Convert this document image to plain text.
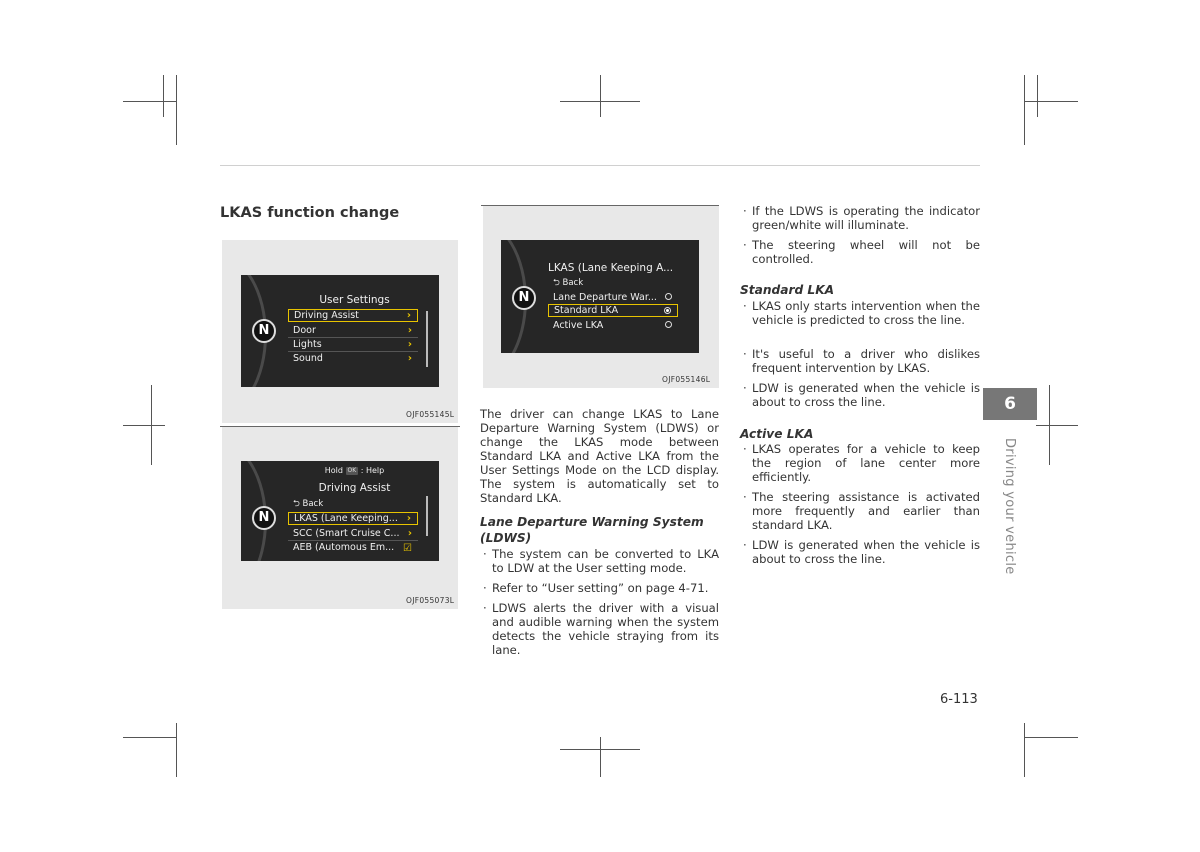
LKAS function change
N
User Settings
Driving Assist	›
Door	›
Lights	›
Sound	›
OJF055145L
N
Hold OK : Help
Driving Assist
⮌ Back
LKAS (Lane Keeping... ›
SCC (Smart Cruise C... ›
AEB (Automous Em... ☑
OJF055073L
N
LKAS (Lane Keeping A...
⮌ Back
Lane Departure War...
Standard LKA
Active LKA
OJF055146L
The driver can change LKAS to Lane Departure Warning System (LDWS) or change the LKAS mode between Standard LKA and Active LKA from the User Settings Mode on the LCD display. The system is automatically set to Standard LKA.
Lane Departure Warning System (LDWS)
· The system can be converted to LKA to LDW at the User setting mode.
· Refer to “User setting” on page 4-71.
· LDWS alerts the driver with a visual and audible warning when the system detects the vehicle straying from its lane.
· If the LDWS is operating the indicator green/white will illuminate.
· The steering wheel will not be controlled.
Standard LKA
· LKAS only starts intervention when the vehicle is predicted to cross the line.
· It's useful to a driver who dislikes frequent intervention by LKAS.
· LDW is generated when the vehicle is about to cross the line.
Active LKA
· LKAS operates for a vehicle to keep the region of lane center more efficiently.
· The steering assistance is activated more frequently and earlier than standard LKA.
· LDW is generated when the vehicle is about to cross the line.
6
Driving your vehicle
6-113
